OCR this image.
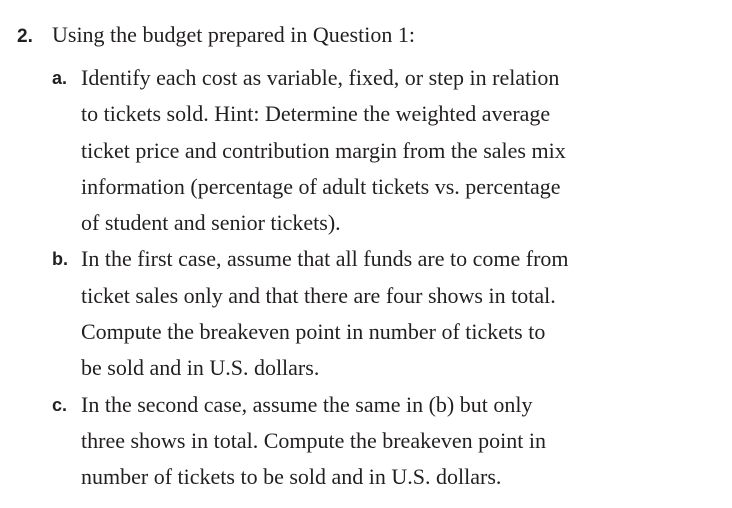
2. Using the budget prepared in Question 1:
a. Identify each cost as variable, fixed, or step in relation
to tickets sold. Hint: Determine the weighted average
ticket price and contribution margin from the sales mix
information (percentage of adult tickets vs. percentage
of student and senior tickets).
b. In the first case, assume that all funds are to come from
ticket sales only and that there are four shows in total.
Compute the breakeven point in number of tickets to
be sold and in U.S. dollars.
c. In the second case, assume the same in (b) but only
three shows in total. Compute the breakeven point in
number of tickets to be sold and in U.S. dollars.
